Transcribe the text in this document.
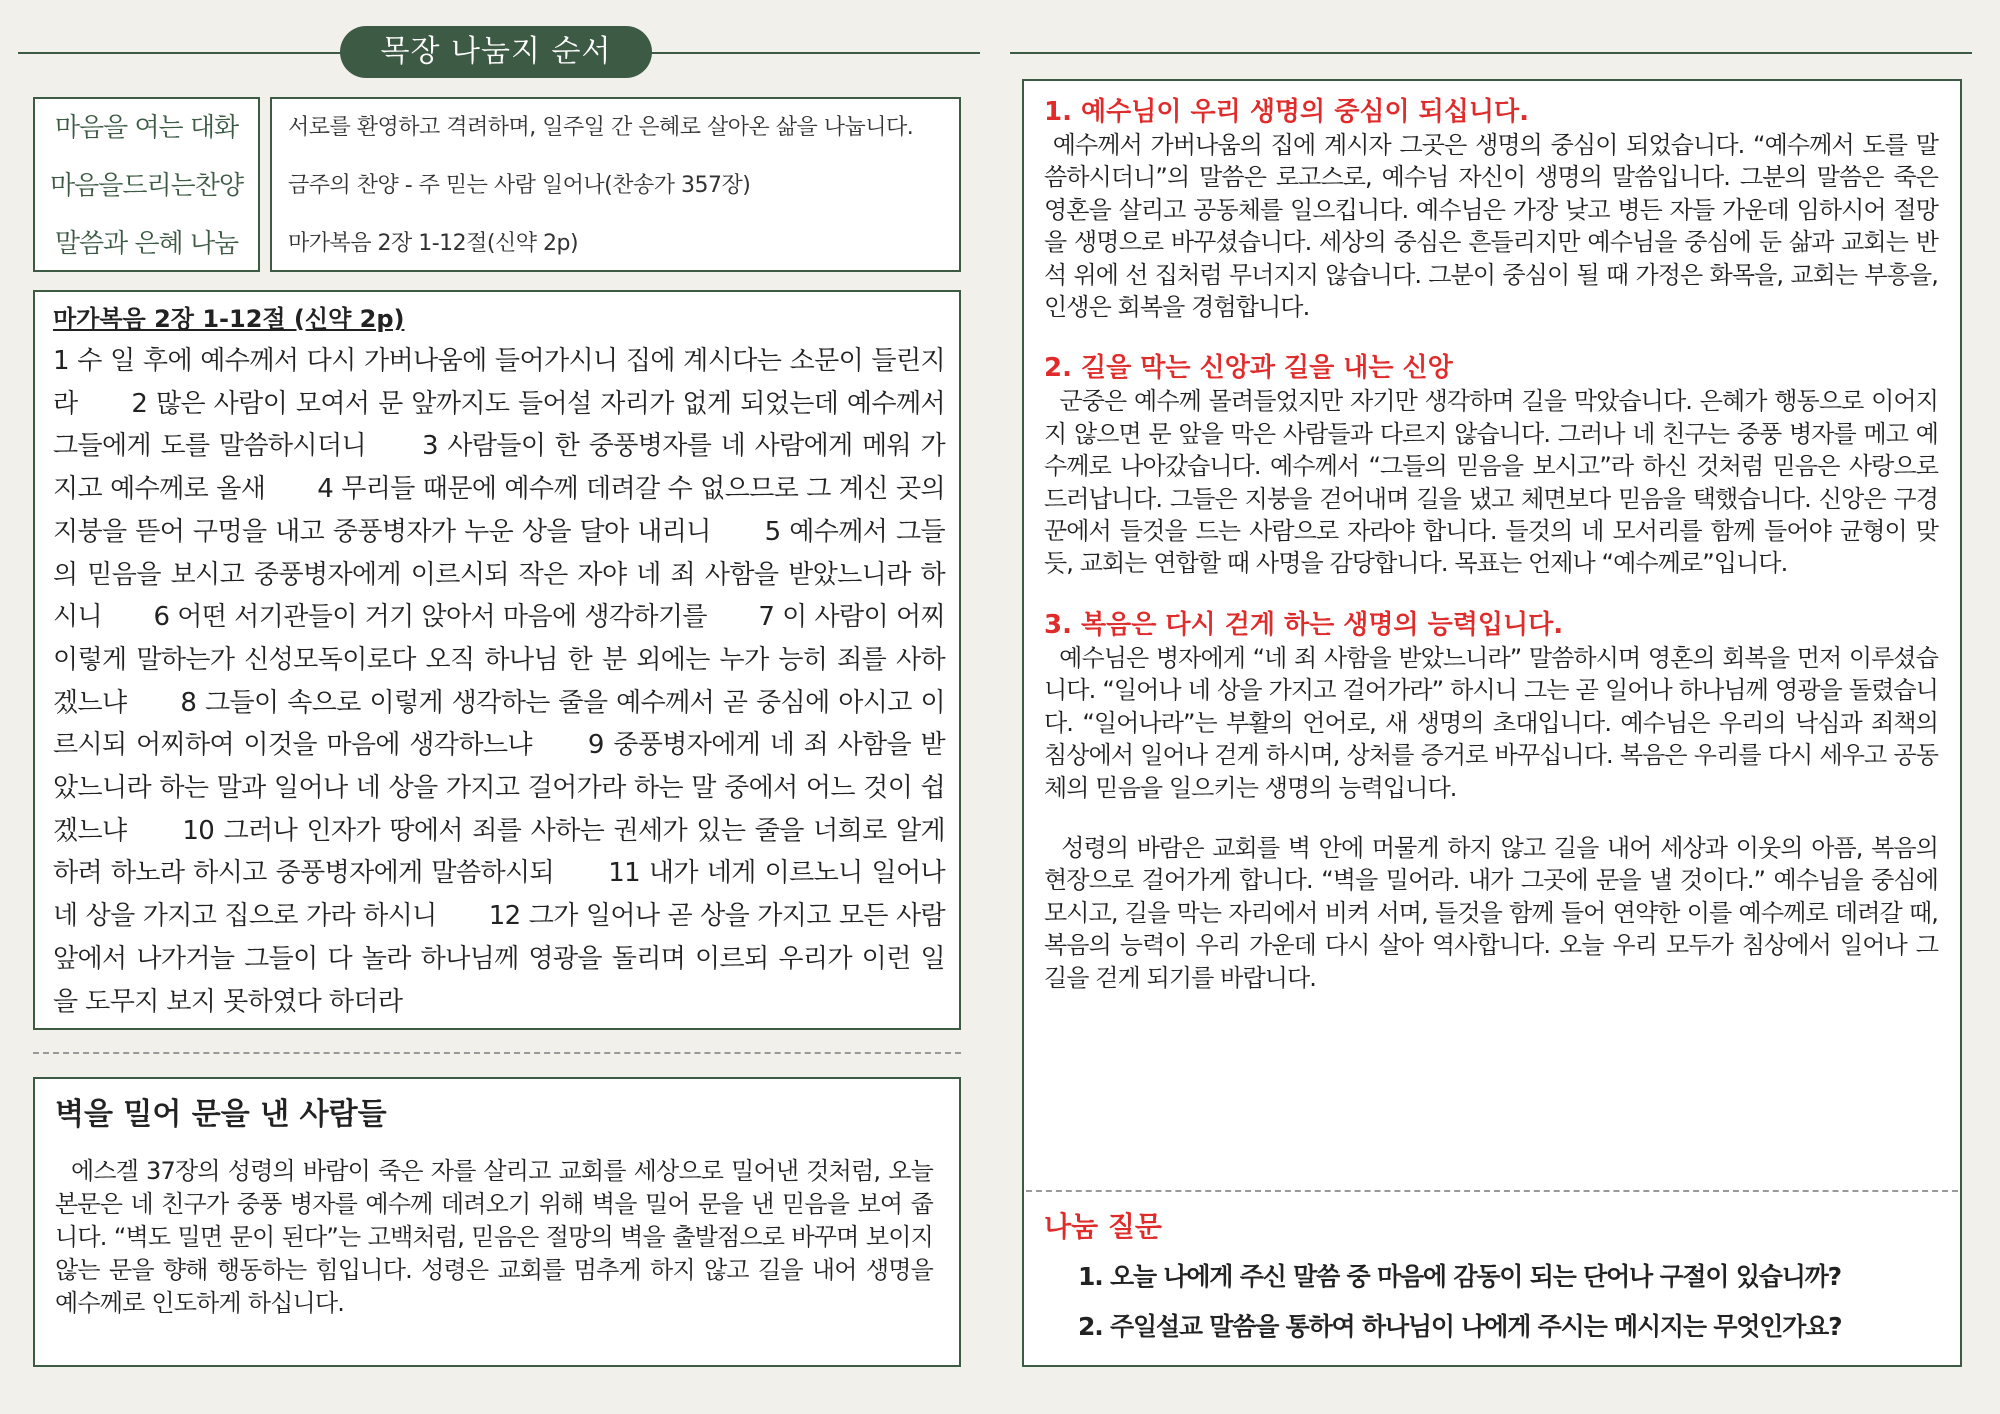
목장 나눔지 순서
마음을 여는 대화
마음을드리는찬양
말씀과 은혜 나눔
서로를 환영하고 격려하며, 일주일 간 은혜로 살아온 삶을 나눕니다.
금주의 찬양 - 주 믿는 사람 일어나(찬송가 357장)
마가복음 2장 1-12절(신약 2p)
마가복음 2장 1-12절 (신약 2p)
1 수 일 후에 예수께서 다시 가버나움에 들어가시니 집에 계시다는 소문이 들린지라　　2 많은 사람이 모여서 문 앞까지도 들어설 자리가 없게 되었는데 예수께서 그들에게 도를 말씀하시더니　　3 사람들이 한 중풍병자를 네 사람에게 메워 가지고 예수께로 올새　　4 무리들 때문에 예수께 데려갈 수 없으므로 그 계신 곳의 지붕을 뜯어 구멍을 내고 중풍병자가 누운 상을 달아 내리니　　5 예수께서 그들의 믿음을 보시고 중풍병자에게 이르시되 작은 자야 네 죄 사함을 받았느니라 하시니　　6 어떤 서기관들이 거기 앉아서 마음에 생각하기를　　7 이 사람이 어찌 이렇게 말하는가 신성모독이로다 오직 하나님 한 분 외에는 누가 능히 죄를 사하겠느냐　　8 그들이 속으로 이렇게 생각하는 줄을 예수께서 곧 중심에 아시고 이르시되 어찌하여 이것을 마음에 생각하느냐　　9 중풍병자에게 네 죄 사함을 받았느니라 하는 말과 일어나 네 상을 가지고 걸어가라 하는 말 중에서 어느 것이 쉽겠느냐　　10 그러나 인자가 땅에서 죄를 사하는 권세가 있는 줄을 너희로 알게 하려 하노라 하시고 중풍병자에게 말씀하시되　　11 내가 네게 이르노니 일어나 네 상을 가지고 집으로 가라 하시니　　12 그가 일어나 곧 상을 가지고 모든 사람 앞에서 나가거늘 그들이 다 놀라 하나님께 영광을 돌리며 이르되 우리가 이런 일을 도무지 보지 못하였다 하더라
벽을 밀어 문을 낸 사람들
에스겔 37장의 성령의 바람이 죽은 자를 살리고 교회를 세상으로 밀어낸 것처럼, 오늘 본문은 네 친구가 중풍 병자를 예수께 데려오기 위해 벽을 밀어 문을 낸 믿음을 보여 줍니다. “벽도 밀면 문이 된다”는 고백처럼, 믿음은 절망의 벽을 출발점으로 바꾸며 보이지 않는 문을 향해 행동하는 힘입니다. 성령은 교회를 멈추게 하지 않고 길을 내어 생명을 예수께로 인도하게 하십니다.
1. 예수님이 우리 생명의 중심이 되십니다.
예수께서 가버나움의 집에 계시자 그곳은 생명의 중심이 되었습니다. “예수께서 도를 말씀하시더니”의 말씀은 로고스로, 예수님 자신이 생명의 말씀입니다. 그분의 말씀은 죽은 영혼을 살리고 공동체를 일으킵니다. 예수님은 가장 낮고 병든 자들 가운데 임하시어 절망을 생명으로 바꾸셨습니다. 세상의 중심은 흔들리지만 예수님을 중심에 둔 삶과 교회는 반석 위에 선 집처럼 무너지지 않습니다. 그분이 중심이 될 때 가정은 화목을, 교회는 부흥을, 인생은 회복을 경험합니다.
2. 길을 막는 신앙과 길을 내는 신앙
군중은 예수께 몰려들었지만 자기만 생각하며 길을 막았습니다. 은혜가 행동으로 이어지지 않으면 문 앞을 막은 사람들과 다르지 않습니다. 그러나 네 친구는 중풍 병자를 메고 예수께로 나아갔습니다. 예수께서 “그들의 믿음을 보시고”라 하신 것처럼 믿음은 사랑으로 드러납니다. 그들은 지붕을 걷어내며 길을 냈고 체면보다 믿음을 택했습니다. 신앙은 구경꾼에서 들것을 드는 사람으로 자라야 합니다. 들것의 네 모서리를 함께 들어야 균형이 맞듯, 교회는 연합할 때 사명을 감당합니다. 목표는 언제나 “예수께로”입니다.
3. 복음은 다시 걷게 하는 생명의 능력입니다.
예수님은 병자에게 “네 죄 사함을 받았느니라” 말씀하시며 영혼의 회복을 먼저 이루셨습니다. “일어나 네 상을 가지고 걸어가라” 하시니 그는 곧 일어나 하나님께 영광을 돌렸습니다. “일어나라”는 부활의 언어로, 새 생명의 초대입니다. 예수님은 우리의 낙심과 죄책의 침상에서 일어나 걷게 하시며, 상처를 증거로 바꾸십니다. 복음은 우리를 다시 세우고 공동체의 믿음을 일으키는 생명의 능력입니다.
성령의 바람은 교회를 벽 안에 머물게 하지 않고 길을 내어 세상과 이웃의 아픔, 복음의 현장으로 걸어가게 합니다. “벽을 밀어라. 내가 그곳에 문을 낼 것이다.” 예수님을 중심에 모시고, 길을 막는 자리에서 비켜 서며, 들것을 함께 들어 연약한 이를 예수께로 데려갈 때, 복음의 능력이 우리 가운데 다시 살아 역사합니다. 오늘 우리 모두가 침상에서 일어나 그 길을 걷게 되기를 바랍니다.
나눔 질문
1. 오늘 나에게 주신 말씀 중 마음에 감동이 되는 단어나 구절이 있습니까?
2. 주일설교 말씀을 통하여 하나님이 나에게 주시는 메시지는 무엇인가요?
